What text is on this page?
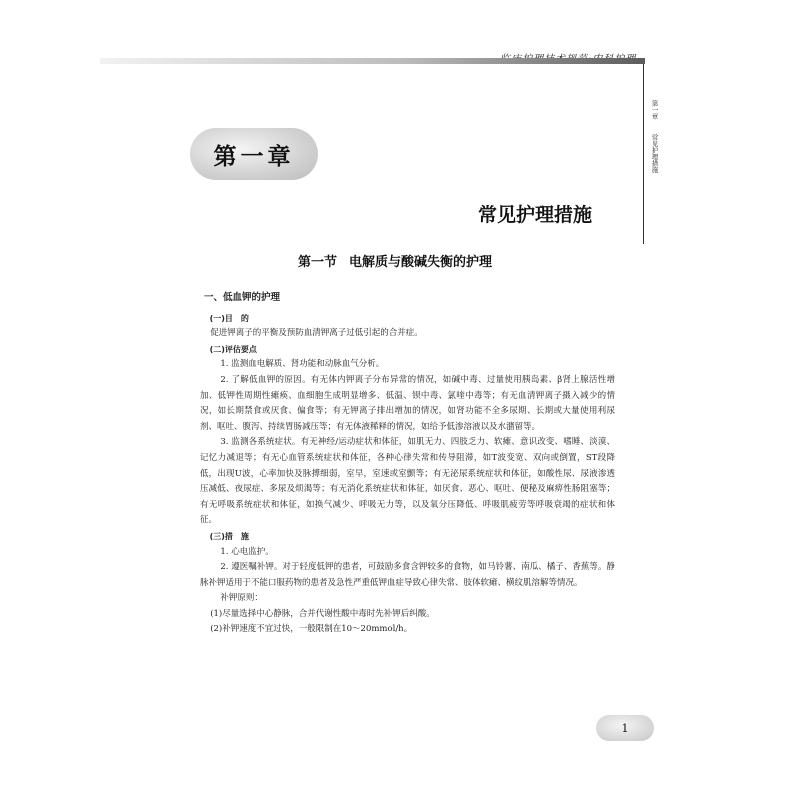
第一章
常见护理措施
第一章
常见护理措施
第一节 电解质与酸碱失衡的护理

一、低血钾的护理

(一)目　的

促进钾离子的平衡及预防血清钾离子过低引起的合并症。

(二)评估要点

1. 监测血电解质、肾功能和动脉血气分析。

2. 了解低血钾的原因。有无体内钾离子分布异常的情况，如碱中毒、过量使用胰岛素、β肾上腺活性增加、低钾性周期性瘫痪、血细胞生成明显增多、低温、钡中毒、氯喹中毒等；有无血清钾离子摄入减少的情况，如长期禁食或厌食、偏食等；有无钾离子排出增加的情况，如肾功能不全多尿期、长期或大量使用利尿剂、呕吐、腹泻、持续胃肠减压等；有无体液稀释的情况，如给予低渗溶液以及水潴留等。

3. 监测各系统症状。有无神经/运动症状和体征，如肌无力、四肢乏力、软瘫、意识改变、嗜睡、淡漠、记忆力减退等；有无心血管系统症状和体征，各种心律失常和传导阻滞，如T波变宽、双向或倒置，ST段降低，出现U波，心率加快及脉搏细弱，室早，室速或室颤等；有无泌尿系统症状和体征，如酸性尿、尿液渗透压减低、夜尿症、多尿及烦渴等；有无消化系统症状和体征，如厌食、恶心、呕吐、便秘及麻痹性肠阻塞等；有无呼吸系统症状和体征，如换气减少、呼吸无力等，以及氧分压降低、呼吸肌疲劳等呼吸衰竭的症状和体征。

(三)措　施

1. 心电监护。

2. 遵医嘱补钾。对于轻度低钾的患者，可鼓励多食含钾较多的食物，如马铃薯、南瓜、橘子、香蕉等。静脉补钾适用于不能口服药物的患者及急性严重低钾血症导致心律失常、肢体软瘫、横纹肌溶解等情况。

补钾原则：

(1)尽量选择中心静脉，合并代谢性酸中毒时先补钾后纠酸。

(2)补钾速度不宜过快，一般限制在10～20mmol/h。

1
